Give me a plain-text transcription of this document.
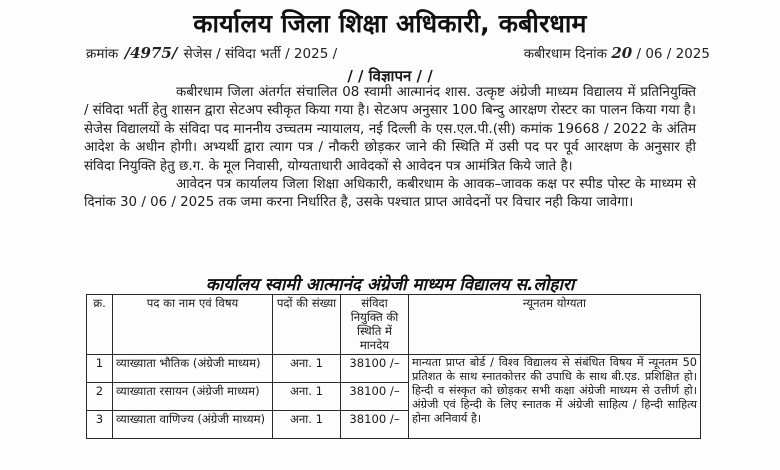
कार्यालय जिला शिक्षा अधिकारी, कबीरधाम
क्रमांक /4975/ सेजेस / संविदा भर्ती / 2025 /	कबीरधाम दिनांक 20 / 06 / 2025
/ / विज्ञापन / /

कबीरधाम जिला अंतर्गत संचालित 08 स्वामी आत्मानंद शास. उत्कृष्ट अंग्रेजी माध्यम विद्यालय में प्रतिनियुक्ति / संविदा भर्ती हेतु शासन द्वारा सेटअप स्वीकृत किया गया है। सेटअप अनुसार 100 बिन्दु आरक्षण रोस्टर का पालन किया गया है। सेजेस विद्यालयों के संविदा पद माननीय उच्चतम न्यायालय, नई दिल्ली के एस.एल.पी.(सी) कमांक 19668 / 2022 के अंतिम आदेश के अधीन होगी। अभ्यर्थी द्वारा त्याग पत्र / नौकरी छोड़कर जाने की स्थिति में उसी पद पर पूर्व आरक्षण के अनुसार ही संविदा नियुक्ति हेतु छ.ग. के मूल निवासी, योग्यताधारी आवेदकों से आवेदन पत्र आमंत्रित किये जाते है।

आवेदन पत्र कार्यालय जिला शिक्षा अधिकारी, कबीरधाम के आवक–जावक कक्ष पर स्पीड पोस्ट के माध्यम से दिनांक 30 / 06 / 2025 तक जमा करना निर्धारित है, उसके पश्चात प्राप्त आवेदनों पर विचार नही किया जावेगा।

कार्यालय स्वामी आत्मानंद अंग्रेजी माध्यम विद्यालय स.लोहारा
क्र.	पद का नाम एवं विषय	पदों की संख्या	संविदा नियुक्ति की स्थिति में मानदेय	न्यूनतम योग्यता
1	व्याख्याता भौतिक (अंग्रेजी माध्यम)	अना. 1	38100 /–	मान्यता प्राप्त बोर्ड / विश्व विद्यालय से संबंधित विषय में न्यूनतम 50 प्रतिशत के साथ स्नातकोत्तर की उपाधि के साथ बी.एड. प्रशिक्षित हो। हिन्दी व संस्कृत को छोड़कर सभी कक्षा अंग्रेजी माध्यम से उत्तीर्ण हो। अंग्रेजी एवं हिन्दी के लिए स्नातक में अंग्रेजी साहित्य / हिन्दी साहित्य होना अनिवार्य है।
2	व्याख्याता रसायन (अंग्रेजी माध्यम)	अना. 1	38100 /–	
3	व्याख्याता वाणिज्य (अंग्रेजी माध्यम)	अना. 1	38100 /–	
